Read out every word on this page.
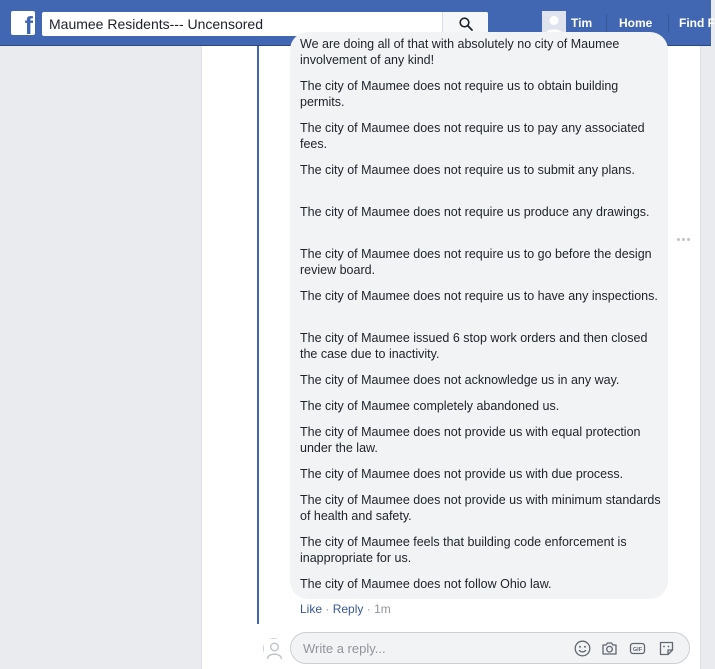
f
Maumee Residents--- Uncensored	Tim Home Find F
We are doing all of that with absolutely no city of Maumee
involvement of any kind!
The city of Maumee does not require us to obtain building permits.
The city of Maumee does not require us to pay any associated fees.
The city of Maumee does not require us to submit any plans.
The city of Maumee does not require us produce any drawings.
The city of Maumee does not require us to go before the design review board.
The city of Maumee does not require us to have any inspections.
The city of Maumee issued 6 stop work orders and then closed the case due to inactivity.
The city of Maumee does not acknowledge us in any way.
The city of Maumee completely abandoned us.
The city of Maumee does not provide us with equal protection under the law.
The city of Maumee does not provide us with due process.
The city of Maumee does not provide us with minimum standards of health and safety.
The city of Maumee feels that building code enforcement is inappropriate for us.
The city of Maumee does not follow Ohio law.
Like · Reply · 1m
Write a reply...
GIF
